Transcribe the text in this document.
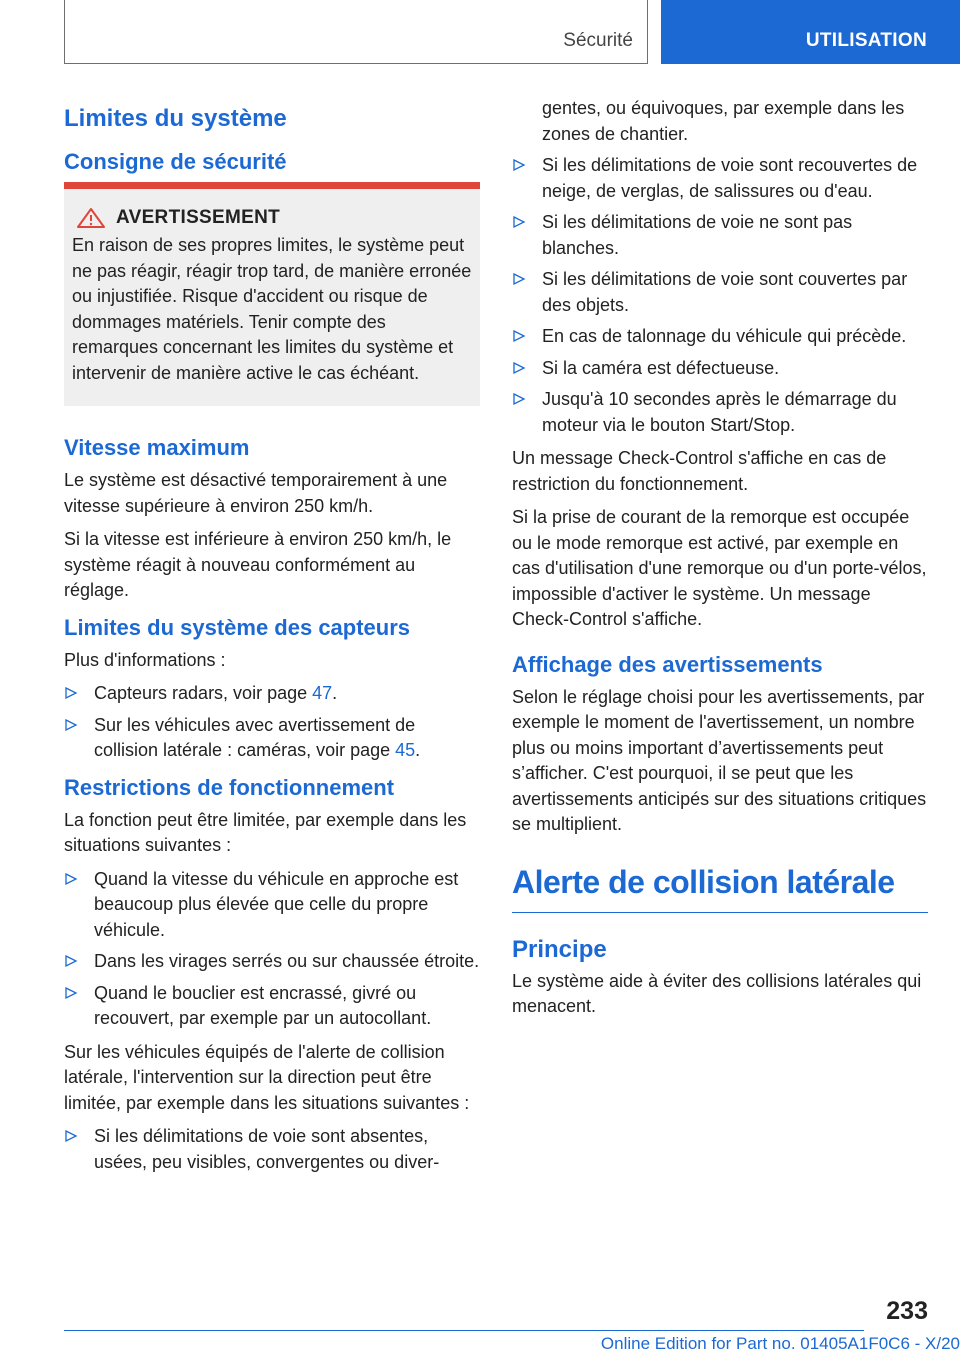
Sécurité	UTILISATION
Limites du système
Consigne de sécurité
AVERTISSEMENT

En raison de ses propres limites, le système peut ne pas réagir, réagir trop tard, de manière erronée ou injustifiée. Risque d'accident ou risque de dommages matériels. Tenir compte des remarques concernant les limites du système et intervenir de manière active le cas échéant.

Vitesse maximum

Le système est désactivé temporairement à une vitesse supérieure à environ 250 km/h.

Si la vitesse est inférieure à environ 250 km/h, le système réagit à nouveau conformément au réglage.

Limites du système des capteurs

Plus d'informations :

Capteurs radars, voir page 47.
Sur les véhicules avec avertissement de collision latérale : caméras, voir page 45.
Restrictions de fonctionnement

La fonction peut être limitée, par exemple dans les situations suivantes :

Quand la vitesse du véhicule en approche est beaucoup plus élevée que celle du propre véhicule.
Dans les virages serrés ou sur chaussée étroite.
Quand le bouclier est encrassé, givré ou recouvert, par exemple par un autocollant.

Sur les véhicules équipés de l'alerte de collision latérale, l'intervention sur la direction peut être limitée, par exemple dans les situations suivantes :

Si les délimitations de voie sont absentes, usées, peu visibles, convergentes ou diver-
gentes, ou équivoques, par exemple dans les zones de chantier.
Si les délimitations de voie sont recouvertes de neige, de verglas, de salissures ou d'eau.
Si les délimitations de voie ne sont pas blanches.
Si les délimitations de voie sont couvertes par des objets.
En cas de talonnage du véhicule qui précède.
Si la caméra est défectueuse.
Jusqu'à 10 secondes après le démarrage du moteur via le bouton Start/Stop.

Un message Check-Control s'affiche en cas de restriction du fonctionnement.

Si la prise de courant de la remorque est occupée ou le mode remorque est activé, par exemple en cas d'utilisation d'une remorque ou d'un porte-vélos, impossible d'activer le système. Un message Check-Control s'affiche.

Affichage des avertissements

Selon le réglage choisi pour les avertissements, par exemple le moment de l'avertissement, un nombre plus ou moins important d’avertissements peut s’afficher. C'est pourquoi, il se peut que les avertissements anticipés sur des situations critiques se multiplient.

Alerte de collision latérale
Principe

Le système aide à éviter des collisions latérales qui menacent.

233
Online Edition for Part no. 01405A1F0C6 - X/20
